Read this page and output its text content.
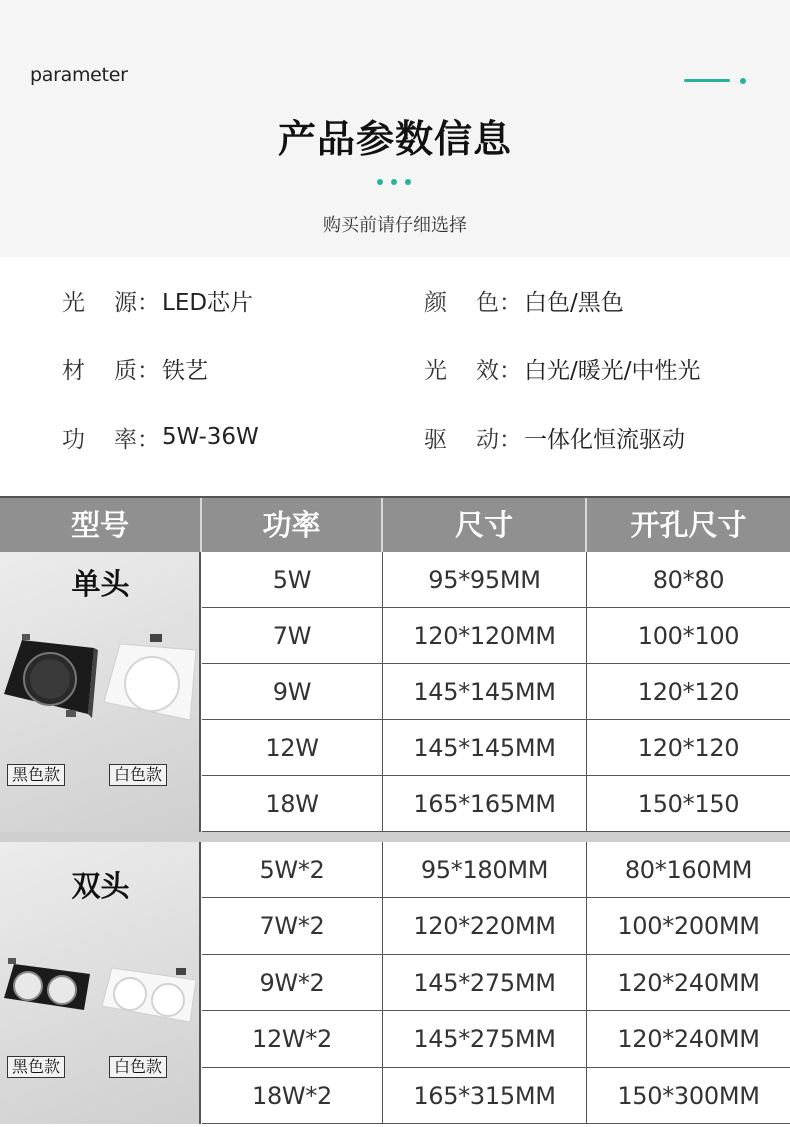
parameter
产品参数信息
购买前请仔细选择
光 源： LED芯片	颜 色： 白色/黑色
材 质： 铁艺	光 效： 白光/暖光/中性光
功 率： 5W-36W	驱 动： 一体化恒流驱动
型号	功率	尺寸	开孔尺寸
单头
黑色款	白色款
5W	95*95MM	80*80
7W	120*120MM	100*100
9W	145*145MM	120*120
12W	145*145MM	120*120
18W	165*165MM	150*150
双头
黑色款	白色款
5W*2	95*180MM	80*160MM
7W*2	120*220MM	100*200MM
9W*2	145*275MM	120*240MM
12W*2	145*275MM	120*240MM
18W*2	165*315MM	150*300MM
